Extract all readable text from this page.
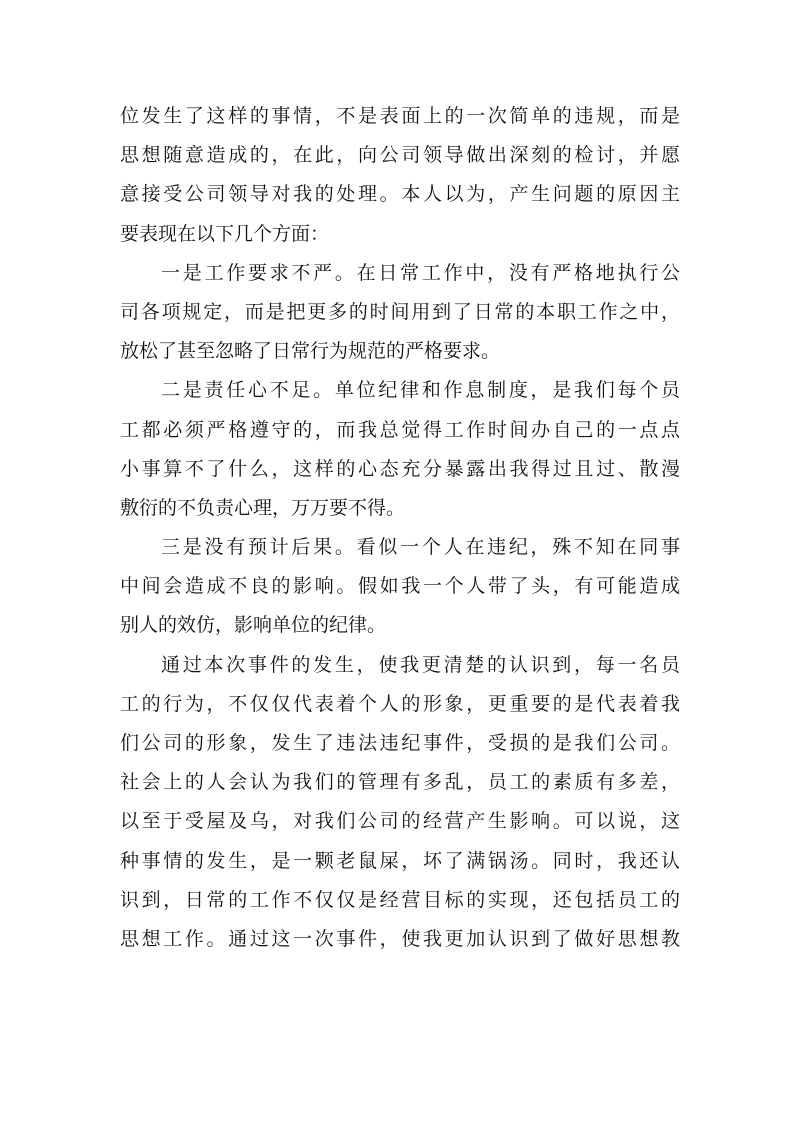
位发生了这样的事情，不是表面上的一次简单的违规，而是
思想随意造成的，在此，向公司领导做出深刻的检讨，并愿
意接受公司领导对我的处理。本人以为，产生问题的原因主
要表现在以下几个方面：
一是工作要求不严。在日常工作中，没有严格地执行公
司各项规定，而是把更多的时间用到了日常的本职工作之中，
放松了甚至忽略了日常行为规范的严格要求。
二是责任心不足。单位纪律和作息制度，是我们每个员
工都必须严格遵守的，而我总觉得工作时间办自己的一点点
小事算不了什么，这样的心态充分暴露出我得过且过、散漫
敷衍的不负责心理，万万要不得。
三是没有预计后果。看似一个人在违纪，殊不知在同事
中间会造成不良的影响。假如我一个人带了头，有可能造成
别人的效仿，影响单位的纪律。
通过本次事件的发生，使我更清楚的认识到，每一名员
工的行为，不仅仅代表着个人的形象，更重要的是代表着我
们公司的形象，发生了违法违纪事件，受损的是我们公司。
社会上的人会认为我们的管理有多乱，员工的素质有多差，
以至于受屋及乌，对我们公司的经营产生影响。可以说，这
种事情的发生，是一颗老鼠屎，坏了满锅汤。同时，我还认
识到，日常的工作不仅仅是经营目标的实现，还包括员工的
思想工作。通过这一次事件，使我更加认识到了做好思想教
